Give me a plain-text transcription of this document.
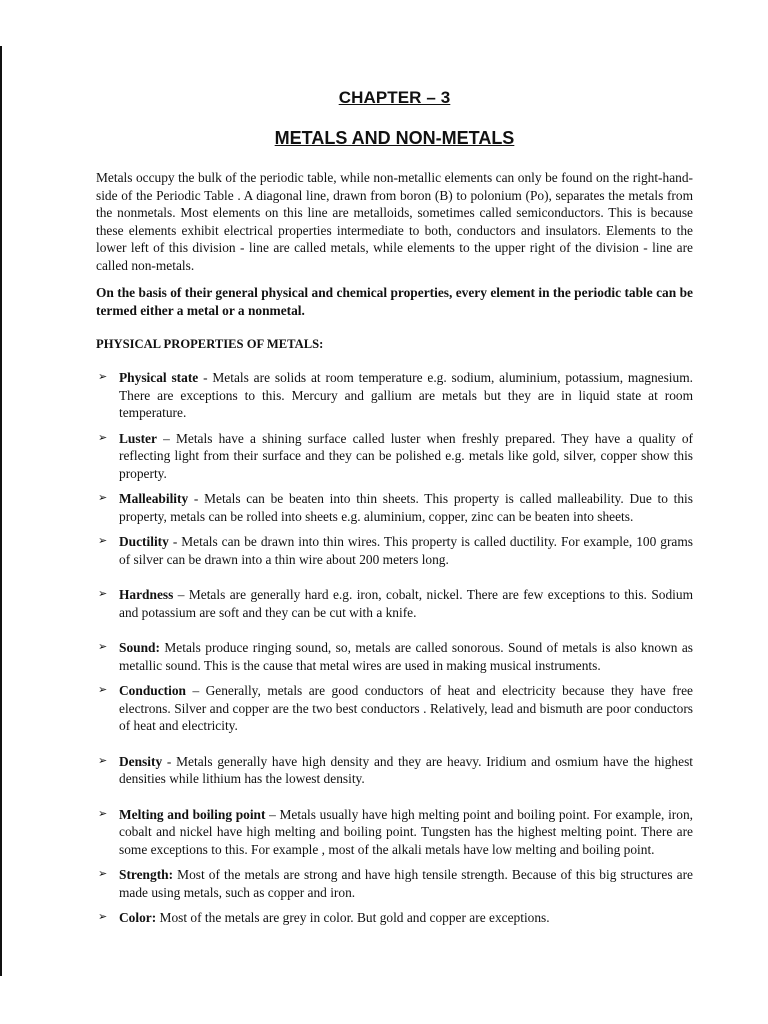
CHAPTER – 3
METALS AND NON-METALS

Metals occupy the bulk of the periodic table, while non-metallic elements can only be found on the right-hand-side of the Periodic Table . A diagonal line, drawn from boron (B) to polonium (Po), separates the metals from the nonmetals. Most elements on this line are metalloids, sometimes called semiconductors. This is because these elements exhibit electrical properties intermediate to both, conductors and insulators. Elements to the lower left of this division - line are called metals, while elements to the upper right of the division - line are called non-metals.

On the basis of their general physical and chemical properties, every element in the periodic table can be termed either a metal or a nonmetal.

PHYSICAL PROPERTIES OF METALS:
➢ Physical state - Metals are solids at room temperature e.g. sodium, aluminium, potassium, magnesium. There are exceptions to this. Mercury and gallium are metals but they are in liquid state at room temperature.
➢ Luster – Metals have a shining surface called luster when freshly prepared. They have a quality of reflecting light from their surface and they can be polished e.g. metals like gold, silver, copper show this property.
➢ Malleability - Metals can be beaten into thin sheets. This property is called malleability. Due to this property, metals can be rolled into sheets e.g. aluminium, copper, zinc can be beaten into sheets.
➢ Ductility - Metals can be drawn into thin wires. This property is called ductility. For example, 100 grams of silver can be drawn into a thin wire about 200 meters long.
➢ Hardness – Metals are generally hard e.g. iron, cobalt, nickel. There are few exceptions to this. Sodium and potassium are soft and they can be cut with a knife.
➢ Sound: Metals produce ringing sound, so, metals are called sonorous. Sound of metals is also known as metallic sound. This is the cause that metal wires are used in making musical instruments.
➢ Conduction – Generally, metals are good conductors of heat and electricity because they have free electrons. Silver and copper are the two best conductors . Relatively, lead and bismuth are poor conductors of heat and electricity.
➢ Density - Metals generally have high density and they are heavy. Iridium and osmium have the highest densities while lithium has the lowest density.
➢ Melting and boiling point – Metals usually have high melting point and boiling point. For example, iron, cobalt and nickel have high melting and boiling point. Tungsten has the highest melting point. There are some exceptions to this. For example , most of the alkali metals have low melting and boiling point.
➢ Strength: Most of the metals are strong and have high tensile strength. Because of this big structures are made using metals, such as copper and iron.
➢ Color: Most of the metals are grey in color. But gold and copper are exceptions.
